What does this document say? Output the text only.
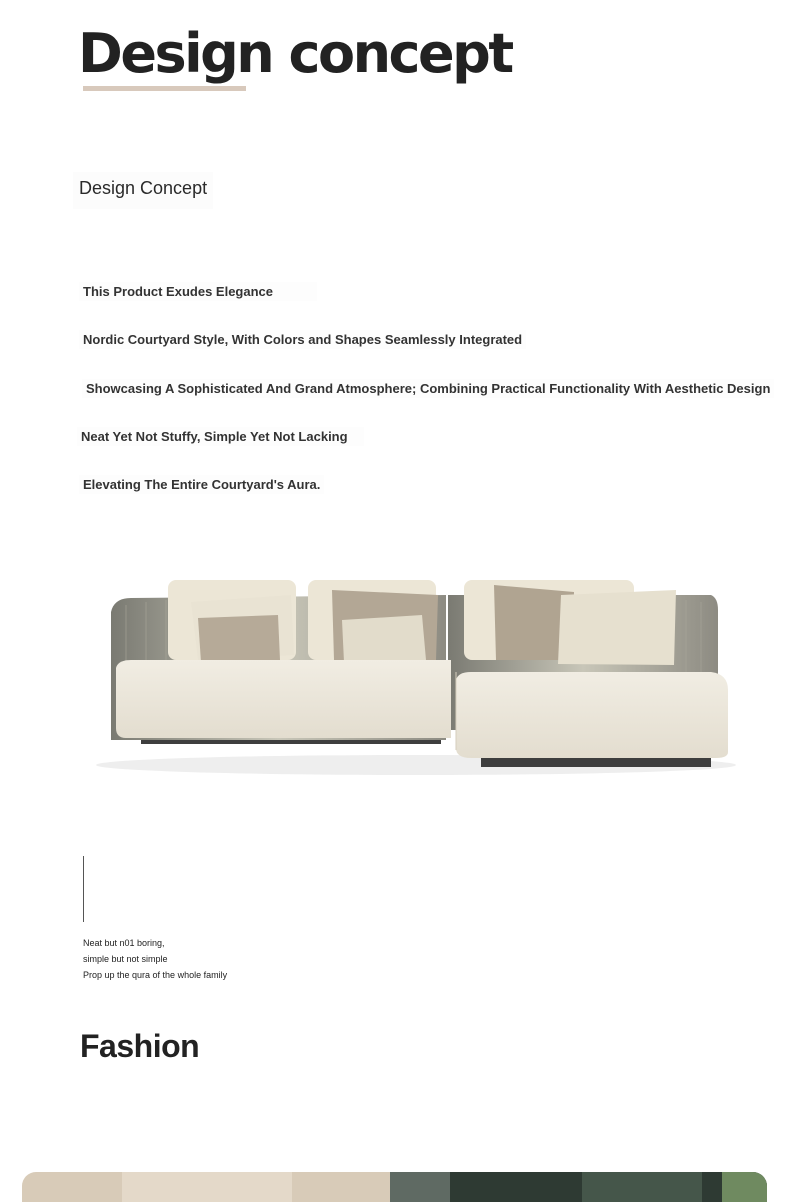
Design concept
Design Concept
This Product Exudes Elegance
Nordic Courtyard Style, With Colors and Shapes Seamlessly Integrated
Showcasing A Sophisticated And Grand Atmosphere; Combining Practical Functionality With Aesthetic Design
Neat Yet Not Stuffy, Simple Yet Not Lacking
Elevating The Entire Courtyard's Aura.
Neat but n01 boring,
simple but not simple
Prop up the qura of the whole family
Fashion
